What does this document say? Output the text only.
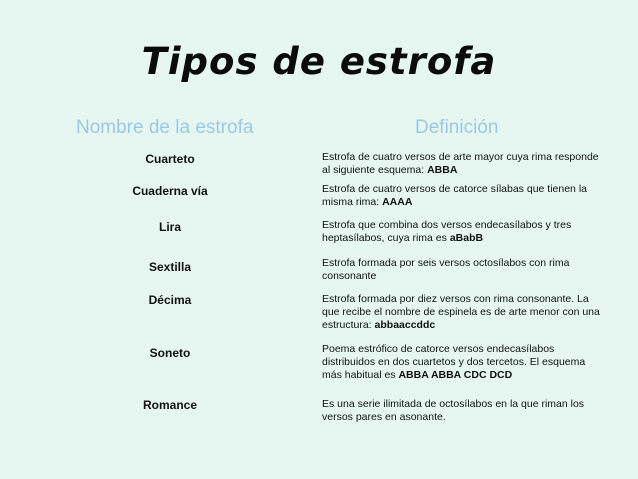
Tipos de estrofa
Nombre de la estrofa	Definición
Cuarteto	Estrofa de cuatro versos de arte mayor cuya rima responde al siguiente esquema: ABBA
Cuaderna vía	Estrofa de cuatro versos de catorce sílabas que tienen la misma rima: AAAA
Lira	Estrofa que combina dos versos endecasílabos y tres heptasílabos, cuya rima es aBabB
Sextilla	Estrofa formada por seis versos octosílabos con rima consonante
Décima	Estrofa formada por diez versos con rima consonante. La que recibe el nombre de espinela es de arte menor con una estructura: abbaaccddc
Soneto	Poema estrófico de catorce versos endecasílabos distribuidos en dos cuartetos y dos tercetos. El esquema más habitual es ABBA ABBA CDC DCD
Romance	Es una serie ilimitada de octosílabos en la que riman los versos pares en asonante.
